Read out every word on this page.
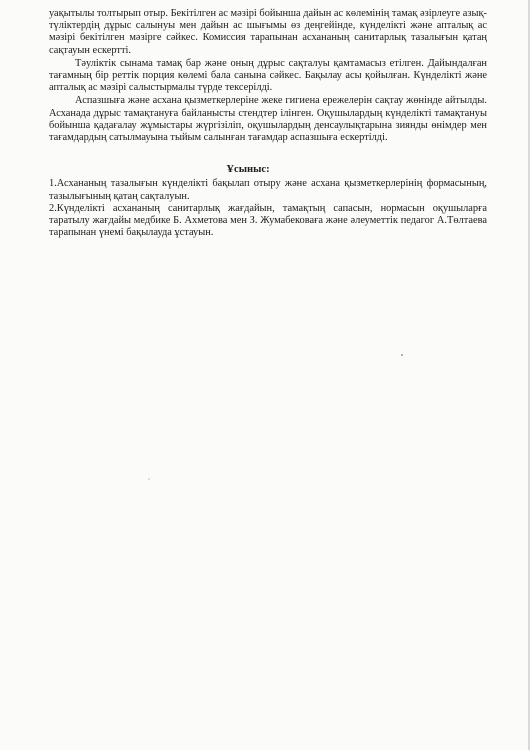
уақытылы толтырып отыр. Бекітілген ас мәзірі бойынша дайын ас көлемінің тамақ әзірлеуге азық-түліктердің дұрыс салынуы мен дайын ас шығымы өз деңгейінде, күнделікті және апталық ас мәзірі бекітілген мәзірге сәйкес. Комиссия тарапынан асхананың санитарлық тазалығын қатаң сақтауын ескертті.

Тәуліктік сынама тамақ бар және оның дұрыс сақталуы қамтамасыз етілген. Дайындалған тағамның бір реттік порция көлемі бала санына сәйкес. Бақылау асы қойылған. Күнделікті және апталық ас мәзірі салыстырмалы түрде тексерілді.

Аспазшыға және асхана қызметкерлеріне жеке гигиена ережелерін сақтау жөнінде айтылды. Асханада дұрыс тамақтануға байланысты стендтер ілінген. Оқушылардың күнделікті тамақтануы бойынша қадағалау жұмыстары жүргізіліп, оқушылардың денсаулықтарына зиянды өнімдер мен тағамдардың сатылмауына тыйым салынған тағамдар аспазшыға ескертілді.

Ұсыныс:

1.Асхананың тазалығын күнделікті бақылап отыру және асхана қызметкерлерінің формасының, тазылығының қатаң сақталуын.

2.Күнделікті асхананың санитарлық жағдайын, тамақтың сапасын, нормасын оқушыларға таратылу жағдайы медбике Б. Ахметова мен З. Жумабековаға және әлеуметтік педагог А.Төлтаева тарапынан үнемі бақылауда ұстауын.
